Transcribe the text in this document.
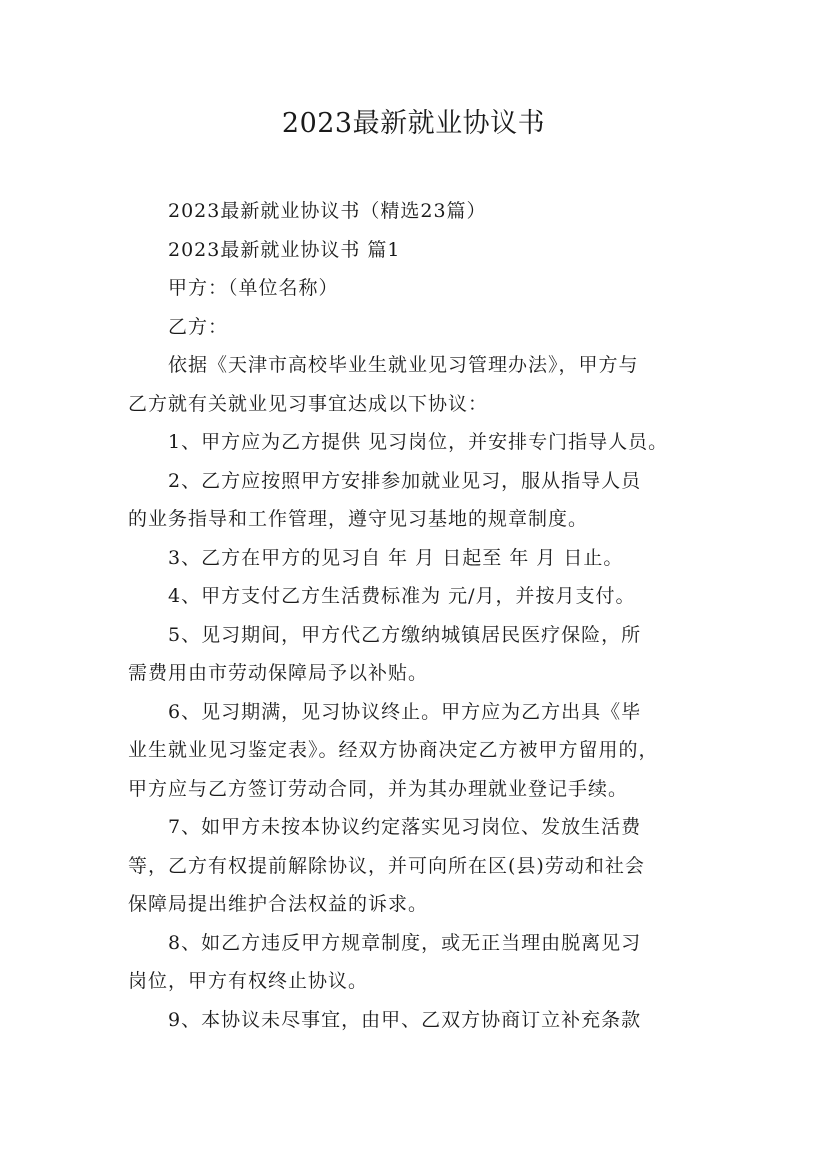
2023最新就业协议书
2023最新就业协议书（精选23篇）
2023最新就业协议书 篇1
甲方：（单位名称）
乙方：
依据《天津市高校毕业生就业见习管理办法》，甲方与
乙方就有关就业见习事宜达成以下协议：
1、甲方应为乙方提供 见习岗位，并安排专门指导人员。
2、乙方应按照甲方安排参加就业见习，服从指导人员
的业务指导和工作管理，遵守见习基地的规章制度。
3、乙方在甲方的见习自 年 月 日起至 年 月 日止。
4、甲方支付乙方生活费标准为 元/月，并按月支付。
5、见习期间，甲方代乙方缴纳城镇居民医疗保险，所
需费用由市劳动保障局予以补贴。
6、见习期满，见习协议终止。甲方应为乙方出具《毕
业生就业见习鉴定表》。经双方协商决定乙方被甲方留用的，
甲方应与乙方签订劳动合同，并为其办理就业登记手续。
7、如甲方未按本协议约定落实见习岗位、发放生活费
等，乙方有权提前解除协议，并可向所在区(县)劳动和社会
保障局提出维护合法权益的诉求。
8、如乙方违反甲方规章制度，或无正当理由脱离见习
岗位，甲方有权终止协议。
9、本协议未尽事宜，由甲、乙双方协商订立补充条款
